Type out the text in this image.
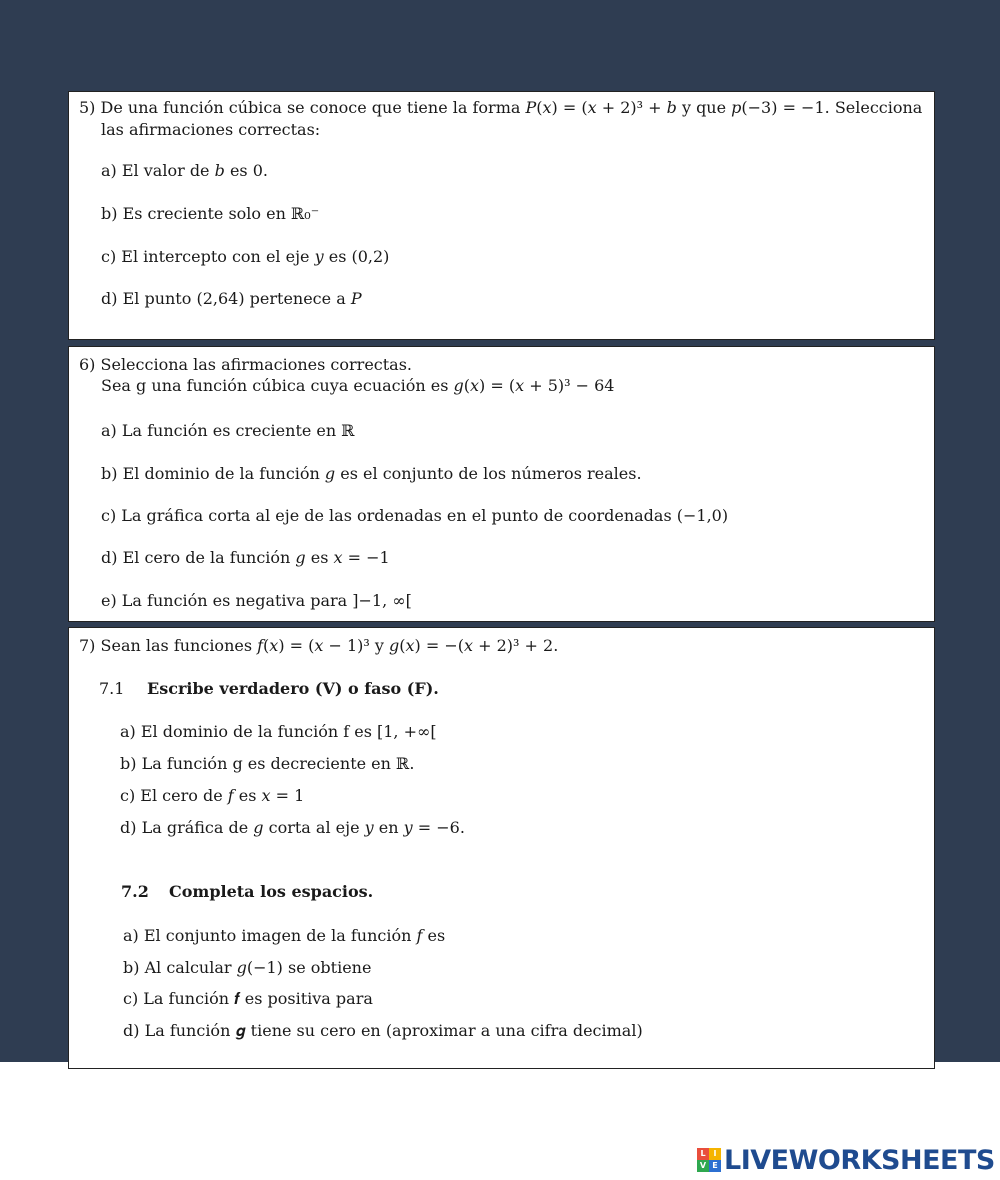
5) De una función cúbica se conoce que tiene la forma 𝑃(𝑥) = (𝑥 + 2)³ + 𝑏 y que 𝑝(−3) = −1. Selecciona
las afirmaciones correctas:
a) El valor de 𝑏 es 0.
b) Es creciente solo en ℝ₀⁻
c) El intercepto con el eje 𝑦 es (0,2)
d) El punto (2,64) pertenece a 𝑃
6) Selecciona las afirmaciones correctas.
Sea g una función cúbica cuya ecuación es 𝑔(𝑥) = (𝑥 + 5)³ − 64
a) La función es creciente en ℝ
b) El dominio de la función 𝑔 es el conjunto de los números reales.
c) La gráfica corta al eje de las ordenadas en el punto de coordenadas (−1,0)
d) El cero de la función 𝑔 es 𝑥 = −1
e) La función es negativa para ]−1, ∞[
7) Sean las funciones 𝑓(𝑥) = (𝑥 − 1)³ y 𝑔(𝑥) = −(𝑥 + 2)³ + 2.
7.1 Escribe verdadero (V) o faso (F).
a) El dominio de la función f es [1, +∞[
b) La función g es decreciente en ℝ.
c) El cero de 𝑓 es 𝑥 = 1
d) La gráfica de 𝑔 corta al eje 𝑦 en 𝑦 = −6.
7.2 Completa los espacios.
a) El conjunto imagen de la función 𝑓 es
b) Al calcular 𝑔(−1) se obtiene
c) La función 𝒇 es positiva para
d) La función 𝒈 tiene su cero en (aproximar a una cifra decimal)
L I
V E LIVEWORKSHEETS
